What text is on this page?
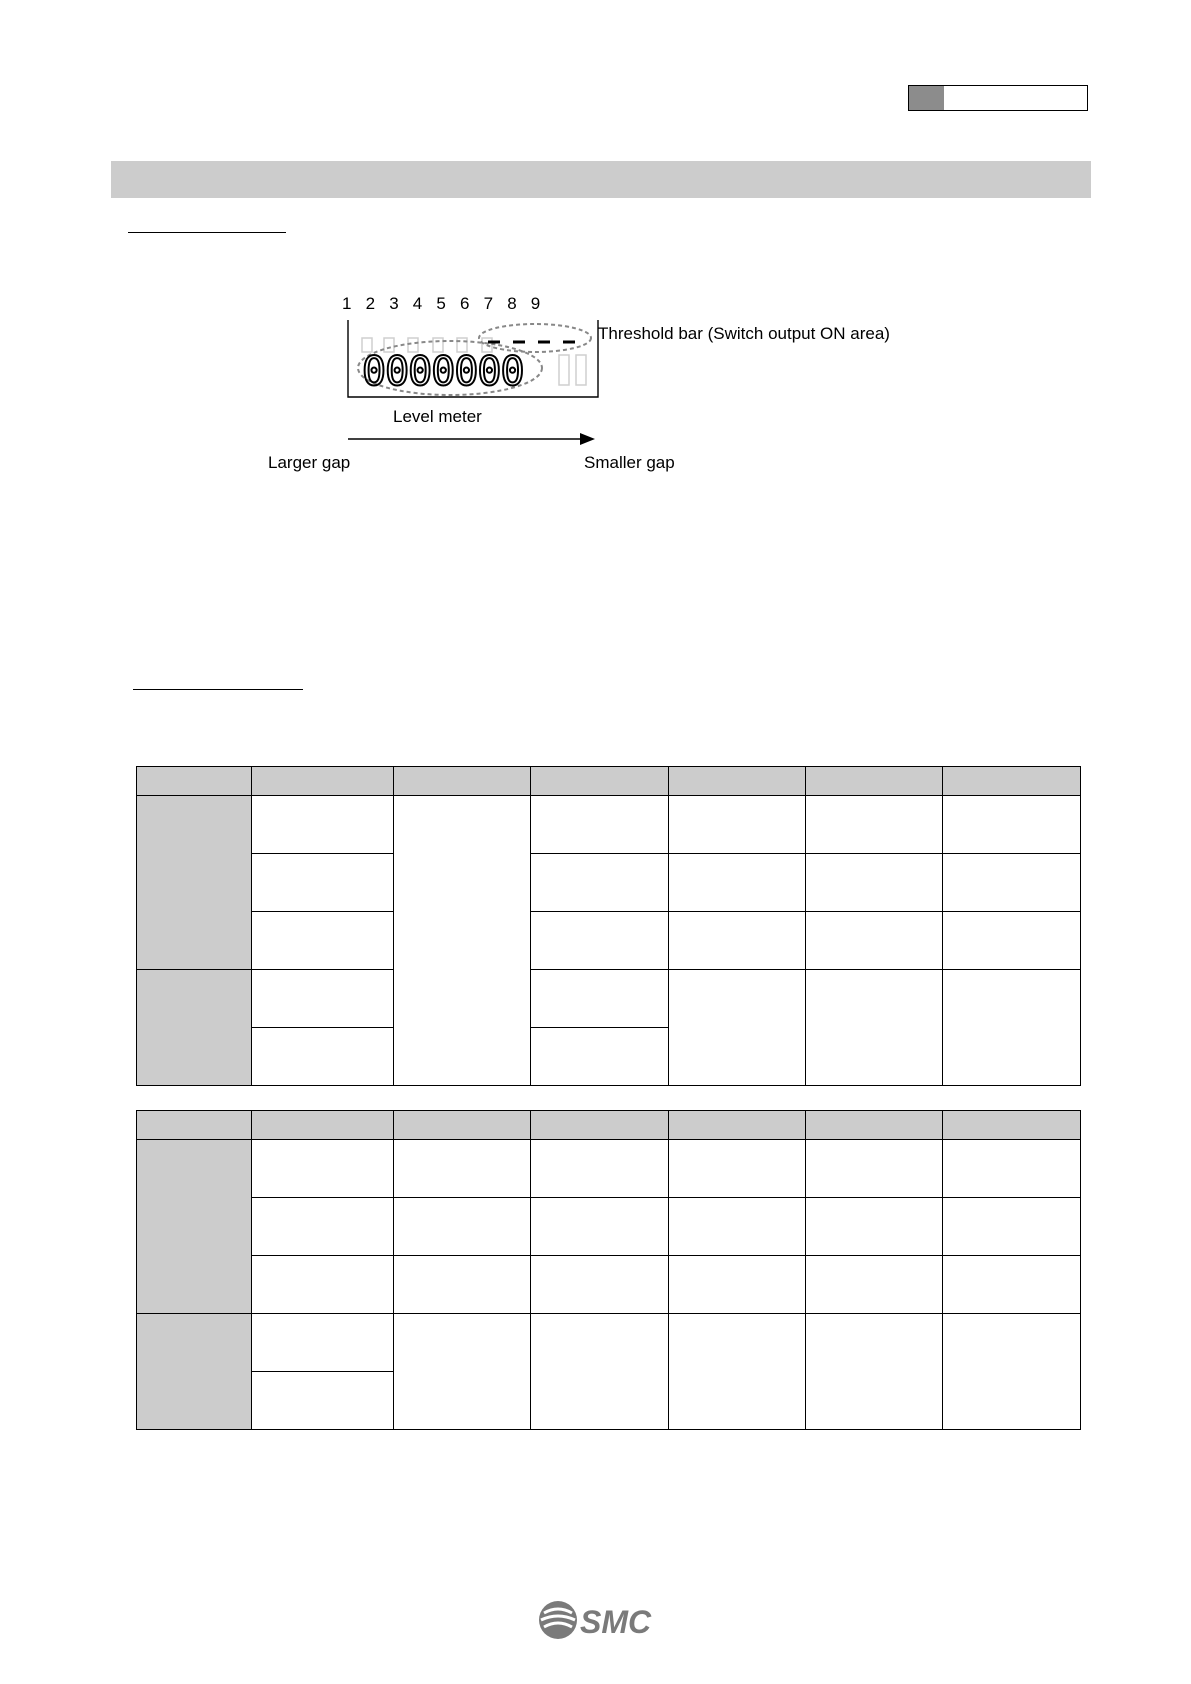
1 2 3 4 5 6 7 8 9
0000000
Threshold bar (Switch output ON area)
Level meter
Larger gap	Smaller gap

SMC
